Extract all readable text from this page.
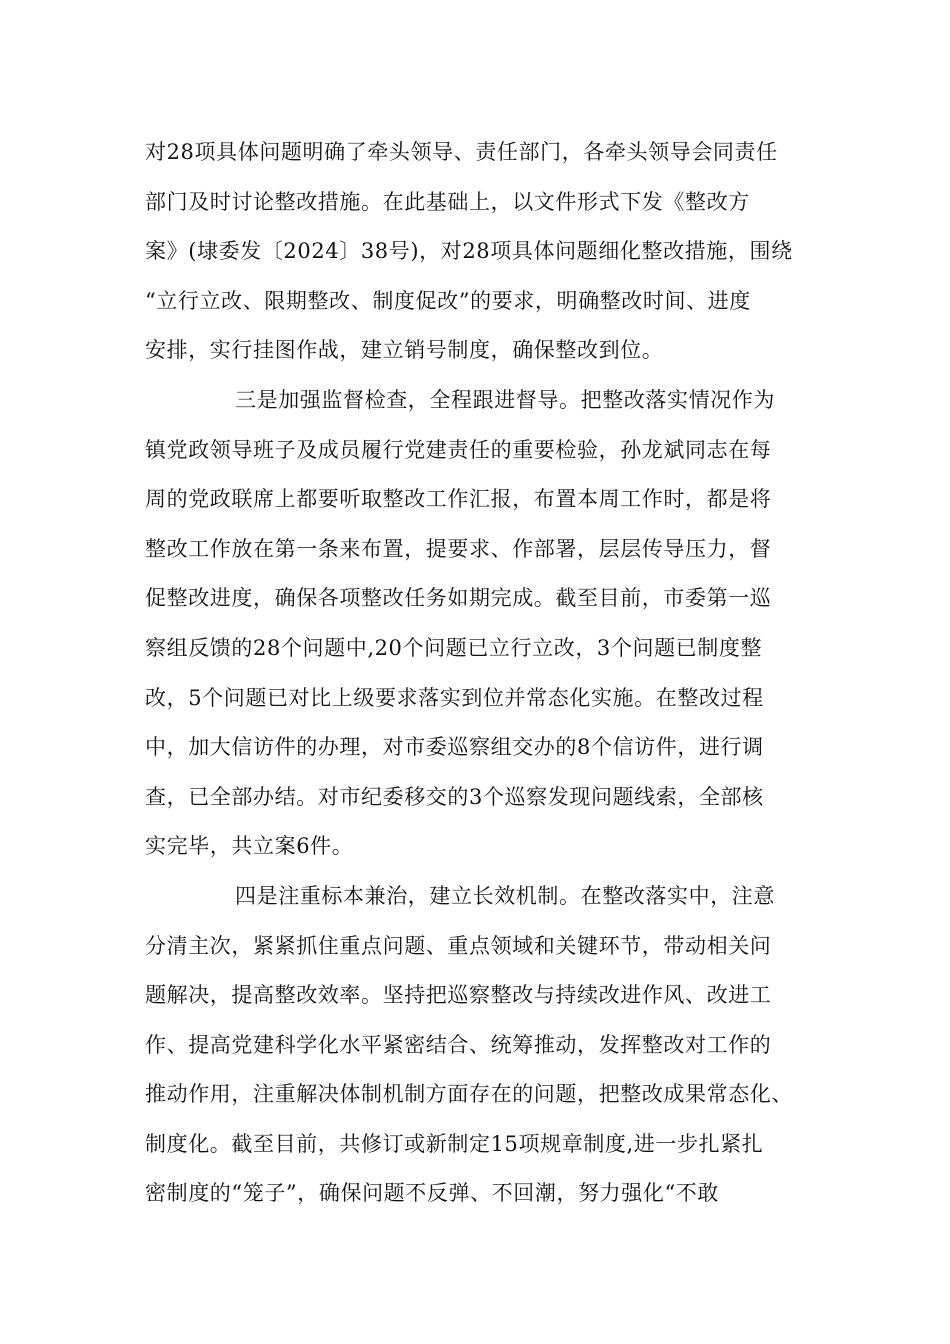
对28项具体问题明确了牵头领导、责任部门，各牵头领导会同责任
部门及时讨论整改措施。在此基础上，以文件形式下发《整改方
案》(埭委发〔2024〕38号)，对28项具体问题细化整改措施，围绕
“立行立改、限期整改、制度促改”的要求，明确整改时间、进度
安排，实行挂图作战，建立销号制度，确保整改到位。
三是加强监督检查，全程跟进督导。把整改落实情况作为
镇党政领导班子及成员履行党建责任的重要检验，孙龙斌同志在每
周的党政联席上都要听取整改工作汇报，布置本周工作时，都是将
整改工作放在第一条来布置，提要求、作部署，层层传导压力，督
促整改进度，确保各项整改任务如期完成。截至目前，市委第一巡
察组反馈的28个问题中,20个问题已立行立改，3个问题已制度整
改，5个问题已对比上级要求落实到位并常态化实施。在整改过程
中，加大信访件的办理，对市委巡察组交办的8个信访件，进行调
查，已全部办结。对市纪委移交的3个巡察发现问题线索，全部核
实完毕，共立案6件。
四是注重标本兼治，建立长效机制。在整改落实中，注意
分清主次，紧紧抓住重点问题、重点领域和关键环节，带动相关问
题解决，提高整改效率。坚持把巡察整改与持续改进作风、改进工
作、提高党建科学化水平紧密结合、统筹推动，发挥整改对工作的
推动作用，注重解决体制机制方面存在的问题，把整改成果常态化、
制度化。截至目前，共修订或新制定15项规章制度,进一步扎紧扎
密制度的“笼子”，确保问题不反弹、不回潮，努力强化“不敢
